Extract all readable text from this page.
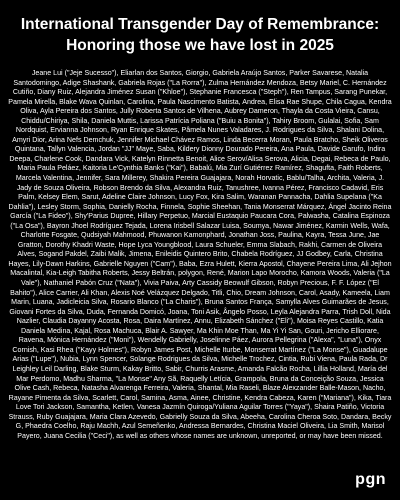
International Transgender Day of Remembrance:
Honoring those we have lost in 2025

Jeane Lui ("Jeje Sucesso"), Eliarlan dos Santos, Giorgio, Gabriela Araújo Santos, Parker Savarese, Natalia Santodomingo, Adige Shashank, Gabriela Rojas ("La Rorra"), Zulma Hernández Mendoza, Betsy Mariel, C. Hernández Cutiño, Diany Ruiz, Alejandra Jiménez Susan ("Khloe"), Stephanie Francesca ("Steph"), Ren Tampus, Sarang Punekar, Pamela Mirella, Blake Wava Quinlan, Carolina, Paula Nascimento Batista, Andrea, Elisa Rae Shupe, Chila Cagua, Kendra Oliva, Ayla Pereira dos Santos, Jully Roberta Santos de Vilhena, Aubrey Dameron, Thayla da Costa Vieira, Cansu, Chiddu/Chiriya, Shila, Daniela Muttis, Larissa Patrícia Poliana ("Buiu a Bonita"), Tahiry Broom, Gulalai, Sofia, Sam Nordquist, Ervianna Johnson, Ryan Enrique Skates, Pâmela Nunes Valadares, J. Rodrigues da Silva, Shalani Dolina, Amyri Dior, Arina Nefs Demchuk, Jennifer Michael Chávez Ramos, Linda Becerra Moran, Paula Bratcho, Sheik Oliveros Quintana, Tallyn Valencia, Jordan "JJ" Maye, Saba, Kildery Dionny Dourado Pereira, Ana Paula, Davide Garufo, Indira Deepa, Charlene Cook, Dandara Vick, Katelyn Rinnetta Benoit, Alice Serov/Alisa Serova, Alicia, Degai, Rebeca de Paulo, Maria Paula Peláez, Kaitoria Le'Cynthia Banks ("Kai"), Babalú, Mia Zurí Gutiérrez Ramírez, Shagufta, Faith Roberts, Marcela Valentina, Jennifer, Sara Millerey, Shakira Pereira Guajajara, Norah Horvatic, Bablu/Talha, Archita, Valeria, J. Jady de Souza Oliveira, Robson Brendo da Silva, Alexandra Ruiz, Tanushree, Ivanna Pérez, Francisco Cadavid, Eris Palm, Kelsey Elem, Sarut, Adeline Claire Johnson, Lucy Fox, Kira Salim, Waranan Pannacha, Dahlia Supelana ("Ka Dahlia"), Lesley Storm, Sophia, Danielly Rocha, Finnela, Sophie Sheehan, Tania Monserrat Márquez, Ángel Jacinto Reina García ("La Fideo"), Shy'Parius Dupree, Hillary Perpetuo, Marcial Eustaquio Paucara Cora, Palwasha, Catalina Espinoza ("La Osa"), Bayron Jhoel Rodríguez Tejada, Lorena Irisbell Salazar Luisa, Soumya, Nawar Jiménez, Karmin Wells, Wafa, Charlotte Fosgate, Qudsiyah Mahmood, Phuwanon Kamonphard, Jonathan Joss, Paulina, Kayra, Tessa June, Jae Gratton, Dorothy Khadri Waste, Hope Lyca Youngblood, Laura Schueler, Emma Slabach, Rakhi, Carmen de Oliveira Alves, Sogand Pakdel, Zaibi Malik, Jimena, Enileidis Quintero Brito, Chabela Rodríguez, JJ Godbey, Carla, Christina Hayes, Lily-Dawn Harkins, Gabrielle Nguyen ("Cam"), Baba, Ezra Hulett, Kierra Apostol, Chayene Pereira Lima, Ali Jejhon Macalintal, Kia-Leigh Tabitha Roberts, Jessy Beltrán, polygon, René, Marion Lapo Morocho, Kamora Woods, Valeria ("La Vale"), Nathaniel Pabón Cruz ("Nata"), Vivia Paiva, Arty Cassidy Beowulf Gibson, Robyn Precious, F. F. López ("El Bahito"), Alice Carrier, Ali Khan, Alexis Noé Velázquez Delgado, Titli, Chio, Dream Johnson, Carol, Asady, Kameela, Liam Marin, Luana, Jadicleicia Silva, Rosario Blanco ("La Charis"), Bruna Santos França, Samylla Alves Guimarães de Jesus, Giovani Fortes da Silva, Duda, Fernanda Domicó, Joana, Toni Asik, Ângelo Posso, Leyla Alejandra Parra, Trish Doll, Nida Nazlier, Claudia Dayanny Acosta, Rosa, Daira Martínez, Annu, Elizabeth Sánchez ("Eli"), Moisa Reyes Castillo, Katia Daniela Medina, Kajal, Rosa Machuca, Blair A. Sawyer, Ma Khin Moe Than, Ma Yi Yi San, Gouri, Jericho Elliorare, Ravena, Mónica Hernández ("Moni"), Wendelly Gabrielly, Joselinne Páez, Aurora Pellegrina ("Alexa", "Luna"), Onyx Cornish, Kasi Rhea ("Kayy Holmes"), Robyn James Post, Michelle Iturbe, Monserrat Martínez ("La Monse"), Guadalupe Arias ("Lupe"), Nubia, Lynn Spencer, Solange Rodrigues da Silva, Michelle Trochez, Cintia, Rubi Viena, Paula Rada, Dr Leighley Leil Darling, Blake Sturm, Kakay Britto, Sabir, Churris Arasme, Amanda Falcão Rocha, Lillia Holland, María del Mar Perdomo, Madhu Sharma, "La Monse" Any Sã, Raquelly Letícia, Grampola, Bruna da Conceição Souza, Jessica Olive Cash, Rebeca, Natasha Alvarenga Ferreira, Valeria, Shantal, Mia Raseli, Blaze Alexzander Balle-Mason, Nacho, Rayane Pimenta da Silva, Scarlett, Carol, Samina, Asma, Ainee, Christine, Kendra Cabeza, Karen ("Mariana"), Kika, Tiara Love Tori Jackson, Samantha, Ketlen, Vanesa Jazmín Quiroga/Yuliana Aguilar Torres ("Yaya"), Shaira Patiño, Victoria Strauss, Ruby Guajajara, Maria Clara Azevedo, Gabrielly Souza da Silva, Abeeha, Carolina Cheroa Soto, Dandara, Becky G, Phaedra Coelho, Raju Machh, Azul Semeñenko, Andressa Bernardes, Christina Maciel Oliveira, Lia Smith, Marisol Payero, Juana Cecilia ("Ceci"), as well as others whose names are unknown, unreported, or may have been missed.

pgn
